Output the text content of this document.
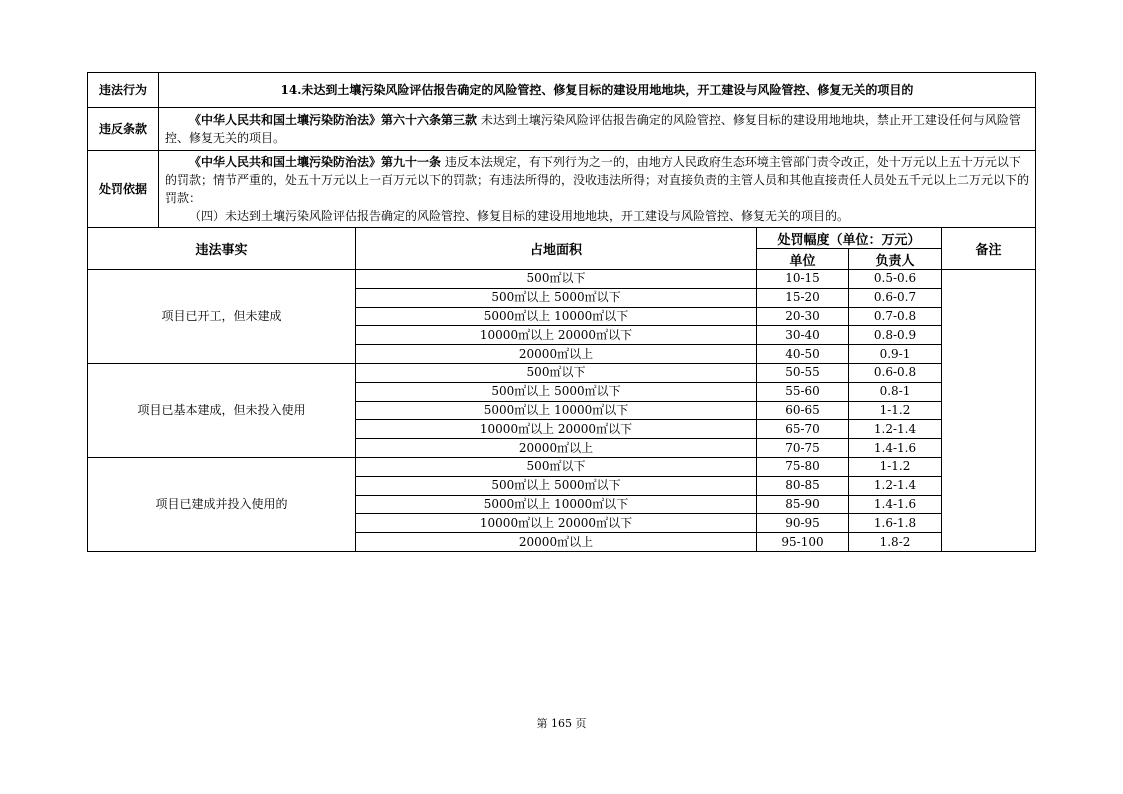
违法行为	14.未达到土壤污染风险评估报告确定的风险管控、修复目标的建设用地地块，开工建设与风险管控、修复无关的项目的
违反条款	《中华人民共和国土壤污染防治法》第六十六条第三款 未达到土壤污染风险评估报告确定的风险管控、修复目标的建设用地地块，禁止开工建设任何与风险管控、修复无关的项目。

处罚依据	《中华人民共和国土壤污染防治法》第九十一条 违反本法规定，有下列行为之一的，由地方人民政府生态环境主管部门责令改正，处十万元以上五十万元以下的罚款；情节严重的，处五十万元以上一百万元以下的罚款；有违法所得的，没收违法所得；对直接负责的主管人员和其他直接责任人员处五千元以上二万元以下的罚款：

（四）未达到土壤污染风险评估报告确定的风险管控、修复目标的建设用地地块，开工建设与风险管控、修复无关的项目的。

违法事实	占地面积	处罚幅度（单位：万元）		备注
		单位	负责人	
项目已开工，但未建成	500㎡以下	10-15	0.5-0.6	
	500㎡以上 5000㎡以下	15-20	0.6-0.7	
	5000㎡以上 10000㎡以下	20-30	0.7-0.8	
	10000㎡以上 20000㎡以下	30-40	0.8-0.9	
	20000㎡以上	40-50	0.9-1	
项目已基本建成，但未投入使用	500㎡以下	50-55	0.6-0.8	
	500㎡以上 5000㎡以下	55-60	0.8-1	
	5000㎡以上 10000㎡以下	60-65	1-1.2	
	10000㎡以上 20000㎡以下	65-70	1.2-1.4	
	20000㎡以上	70-75	1.4-1.6	
项目已建成并投入使用的	500㎡以下	75-80	1-1.2	
	500㎡以上 5000㎡以下	80-85	1.2-1.4	
	5000㎡以上 10000㎡以下	85-90	1.4-1.6	
	10000㎡以上 20000㎡以下	90-95	1.6-1.8	
	20000㎡以上	95-100	1.8-2	
第 165 页
